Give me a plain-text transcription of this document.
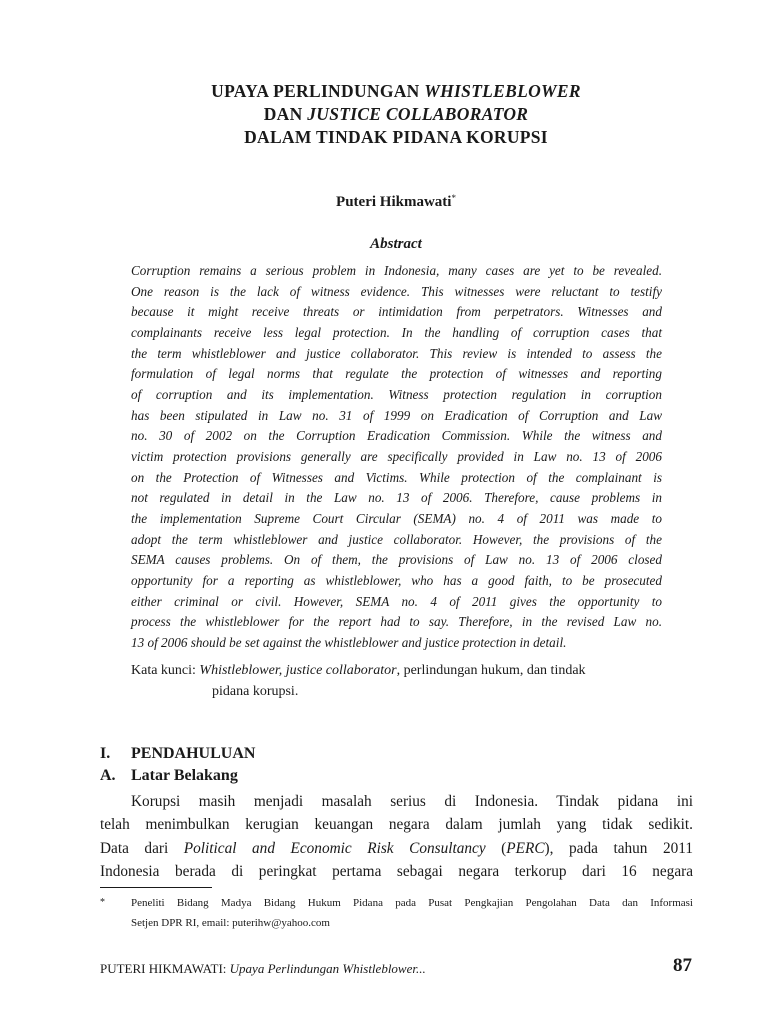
UPAYA PERLINDUNGAN WHISTLEBLOWER
DAN JUSTICE COLLABORATOR
DALAM TINDAK PIDANA KORUPSI
Puteri Hikmawati*
Abstract
Corruption remains a serious problem in Indonesia, many cases are yet to be revealed.
One reason is the lack of witness evidence. This witnesses were reluctant to testify
because it might receive threats or intimidation from perpetrators. Witnesses and
complainants receive less legal protection. In the handling of corruption cases that
the term whistleblower and justice collaborator. This review is intended to assess the
formulation of legal norms that regulate the protection of witnesses and reporting
of corruption and its implementation. Witness protection regulation in corruption
has been stipulated in Law no. 31 of 1999 on Eradication of Corruption and Law
no. 30 of 2002 on the Corruption Eradication Commission. While the witness and
victim protection provisions generally are specifically provided in Law no. 13 of 2006
on the Protection of Witnesses and Victims. While protection of the complainant is
not regulated in detail in the Law no. 13 of 2006. Therefore, cause problems in
the implementation Supreme Court Circular (SEMA) no. 4 of 2011 was made to
adopt the term whistleblower and justice collaborator. However, the provisions of the
SEMA causes problems. On of them, the provisions of Law no. 13 of 2006 closed
opportunity for a reporting as whistleblower, who has a good faith, to be prosecuted
either criminal or civil. However, SEMA no. 4 of 2011 gives the opportunity to
process the whistleblower for the report had to say. Therefore, in the revised Law no.
13 of 2006 should be set against the whistleblower and justice protection in detail.
Kata kunci: Whistleblower, justice collaborator, perlindungan hukum, dan tindak
pidana korupsi.
I. PENDAHULUAN
A. Latar Belakang
Korupsi masih menjadi masalah serius di Indonesia. Tindak pidana ini
telah menimbulkan kerugian keuangan negara dalam jumlah yang tidak sedikit.
Data dari Political and Economic Risk Consultancy (PERC), pada tahun 2011
Indonesia berada di peringkat pertama sebagai negara terkorup dari 16 negara
* Peneliti Bidang Madya Bidang Hukum Pidana pada Pusat Pengkajian Pengolahan Data dan Informasi
Setjen DPR RI, email: puterihw@yahoo.com
PUTERI HIKMAWATI: Upaya Perlindungan Whistleblower...	87
